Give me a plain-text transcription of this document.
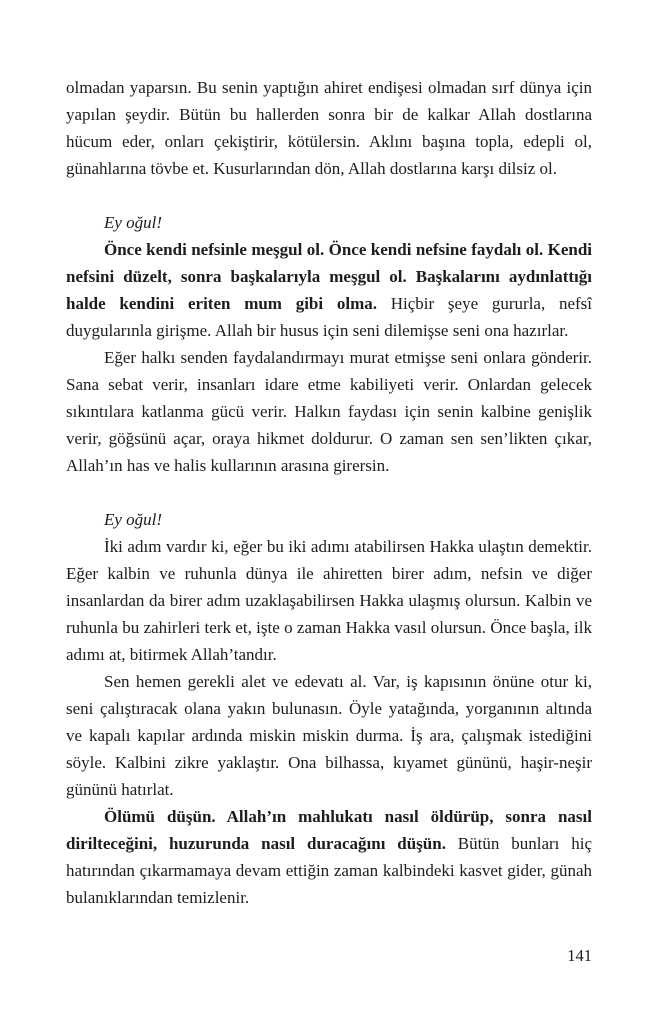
olmadan yaparsın. Bu senin yaptığın ahiret endişesi olmadan sırf dünya için yapılan şeydir. Bütün bu hallerden sonra bir de kalkar Allah dostlarına hücum eder, onları çekiştirir, kötülersin. Aklını başına topla, edepli ol, günahlarına tövbe et. Kusurlarından dön, Allah dostlarına karşı dilsiz ol.

Ey oğul!

Önce kendi nefsinle meşgul ol. Önce kendi nefsine faydalı ol. Kendi nefsini düzelt, sonra başkalarıyla meşgul ol. Başkalarını aydınlattığı halde kendini eriten mum gibi olma. Hiçbir şeye gururla, nefsî duygularınla girişme. Allah bir husus için seni dilemişse seni ona hazırlar.

Eğer halkı senden faydalandırmayı murat etmişse seni onlara gönderir. Sana sebat verir, insanları idare etme kabiliyeti verir. Onlardan gelecek sıkıntılara katlanma gücü verir. Halkın faydası için senin kalbine genişlik verir, göğsünü açar, oraya hikmet doldurur. O zaman sen sen’likten çıkar, Allah’ın has ve halis kullarının arasına girersin.

Ey oğul!

İki adım vardır ki, eğer bu iki adımı atabilirsen Hakka ulaştın demektir. Eğer kalbin ve ruhunla dünya ile ahiretten birer adım, nefsin ve diğer insanlardan da birer adım uzaklaşabilirsen Hakka ulaşmış olursun. Kalbin ve ruhunla bu zahirleri terk et, işte o zaman Hakka vasıl olursun. Önce başla, ilk adımı at, bitirmek Allah’tandır.

Sen hemen gerekli alet ve edevatı al. Var, iş kapısının önüne otur ki, seni çalıştıracak olana yakın bulunasın. Öyle yatağında, yorganının altında ve kapalı kapılar ardında miskin miskin durma. İş ara, çalışmak istediğini söyle. Kalbini zikre yaklaştır. Ona bilhassa, kıyamet gününü, haşir-neşir gününü hatırlat.

Ölümü düşün. Allah’ın mahlukatı nasıl öldürüp, sonra nasıl dirilteceğini, huzurunda nasıl duracağını düşün. Bütün bunları hiç hatırından çıkarmamaya devam ettiğin zaman kalbindeki kasvet gider, günah bulanıklarından temizlenir.

141
